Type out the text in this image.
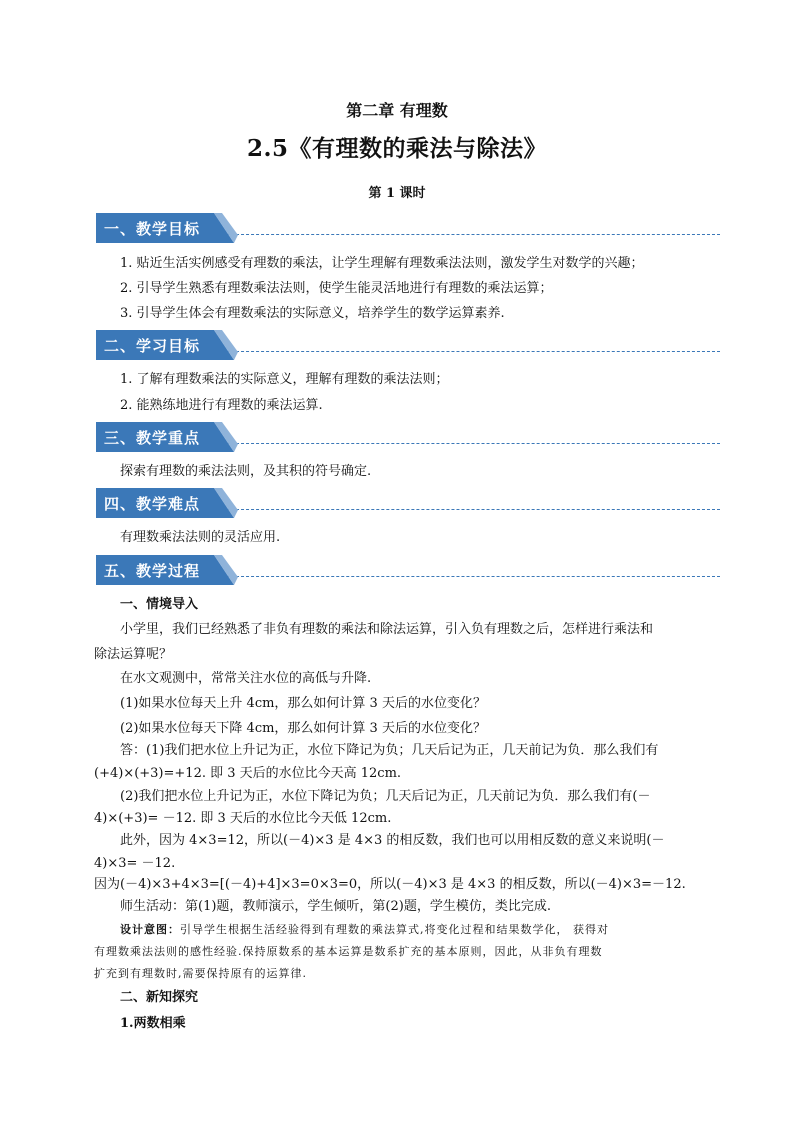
第二章 有理数
2.5《有理数的乘法与除法》
第 1 课时
一、教学目标
1. 贴近生活实例感受有理数的乘法，让学生理解有理数乘法法则，激发学生对数学的兴趣；
2. 引导学生熟悉有理数乘法法则，使学生能灵活地进行有理数的乘法运算；
3. 引导学生体会有理数乘法的实际意义，培养学生的数学运算素养.
二、学习目标
1. 了解有理数乘法的实际意义，理解有理数的乘法法则；
2. 能熟练地进行有理数的乘法运算.
三、教学重点
探索有理数的乘法法则，及其积的符号确定.
四、教学难点
有理数乘法法则的灵活应用.
五、教学过程
一、情境导入
小学里，我们已经熟悉了非负有理数的乘法和除法运算，引入负有理数之后，怎样进行乘法和
除法运算呢？
在水文观测中，常常关注水位的高低与升降.
(1)如果水位每天上升 4cm，那么如何计算 3 天后的水位变化？
(2)如果水位每天下降 4cm，那么如何计算 3 天后的水位变化？
答：(1)我们把水位上升记为正，水位下降记为负；几天后记为正，几天前记为负．那么我们有
(+4)×(+3)=+12. 即 3 天后的水位比今天高 12cm.
(2)我们把水位上升记为正，水位下降记为负；几天后记为正，几天前记为负．那么我们有(－
4)×(+3)= －12. 即 3 天后的水位比今天低 12cm.
此外，因为 4×3=12，所以(－4)×3 是 4×3 的相反数，我们也可以用相反数的意义来说明(－
4)×3= －12.
因为(－4)×3+4×3=[(－4)+4]×3=0×3=0，所以(－4)×3 是 4×3 的相反数，所以(－4)×3=－12.
师生活动：第(1)题，教师演示，学生倾听，第(2)题，学生模仿，类比完成.
设计意图：引导学生根据生活经验得到有理数的乘法算式,将变化过程和结果数学化， 获得对
有理数乘法法则的感性经验.保持原数系的基本运算是数系扩充的基本原则，因此，从非负有理数
扩充到有理数时,需要保持原有的运算律.
二、新知探究
1.两数相乘
